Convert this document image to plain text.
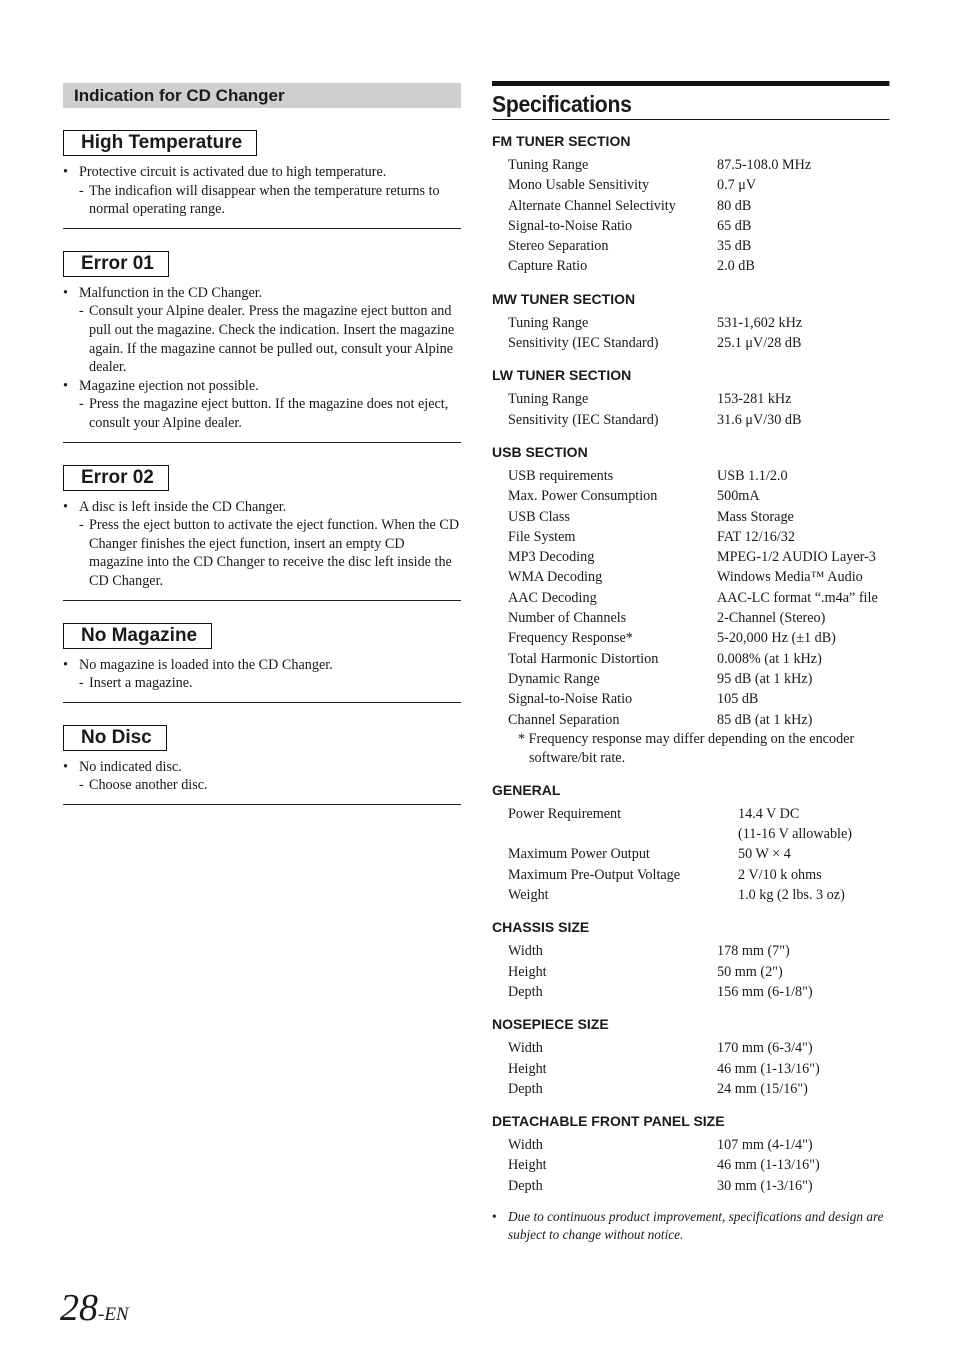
Indication for CD Changer
High Temperature
• Protective circuit is activated due to high temperature.
- The indicafion will disappear when the temperature returns to normal operating range.
Error 01
• Malfunction in the CD Changer.
- Consult your Alpine dealer. Press the magazine eject button and pull out the magazine. Check the indication. Insert the magazine again. If the magazine cannot be pulled out, consult your Alpine dealer.
• Magazine ejection not possible.
- Press the magazine eject button. If the magazine does not eject, consult your Alpine dealer.
Error 02
• A disc is left inside the CD Changer.
- Press the eject button to activate the eject function. When the CD Changer finishes the eject function, insert an empty CD magazine into the CD Changer to receive the disc left inside the CD Changer.
No Magazine
• No magazine is loaded into the CD Changer.
- Insert a magazine.
No Disc
• No indicated disc.
- Choose another disc.
Specifications
FM TUNER SECTION
Tuning Range	87.5-108.0 MHz
Mono Usable Sensitivity	0.7 μV
Alternate Channel Selectivity	80 dB
Signal-to-Noise Ratio	65 dB
Stereo Separation	35 dB
Capture Ratio	2.0 dB
MW TUNER SECTION
Tuning Range	531-1,602 kHz
Sensitivity (IEC Standard)	25.1 μV/28 dB
LW TUNER SECTION
Tuning Range	153-281 kHz
Sensitivity (IEC Standard)	31.6 μV/30 dB
USB SECTION
USB requirements	USB 1.1/2.0
Max. Power Consumption	500mA
USB Class	Mass Storage
File System	FAT 12/16/32
MP3 Decoding	MPEG-1/2 AUDIO Layer-3
WMA Decoding	Windows Media™ Audio
AAC Decoding	AAC-LC format “.m4a” file
Number of Channels	2-Channel (Stereo)
Frequency Response*	5-20,000 Hz (±1 dB)
Total Harmonic Distortion	0.008% (at 1 kHz)
Dynamic Range	95 dB (at 1 kHz)
Signal-to-Noise Ratio	105 dB
Channel Separation	85 dB (at 1 kHz)
* Frequency response may differ depending on the encoder software/bit rate.
GENERAL
Power Requirement	14.4 V DC
(11-16 V allowable)
Maximum Power Output	50 W × 4
Maximum Pre-Output Voltage	2 V/10 k ohms
Weight	1.0 kg (2 lbs. 3 oz)
CHASSIS SIZE
Width	178 mm (7")
Height	50 mm (2")
Depth	156 mm (6-1/8")
NOSEPIECE SIZE
Width	170 mm (6-3/4")
Height	46 mm (1-13/16")
Depth	24 mm (15/16")
DETACHABLE FRONT PANEL SIZE
Width	107 mm (4-1/4")
Height	46 mm (1-13/16")
Depth	30 mm (1-3/16")
• Due to continuous product improvement, specifications and design are subject to change without notice.
28-EN
